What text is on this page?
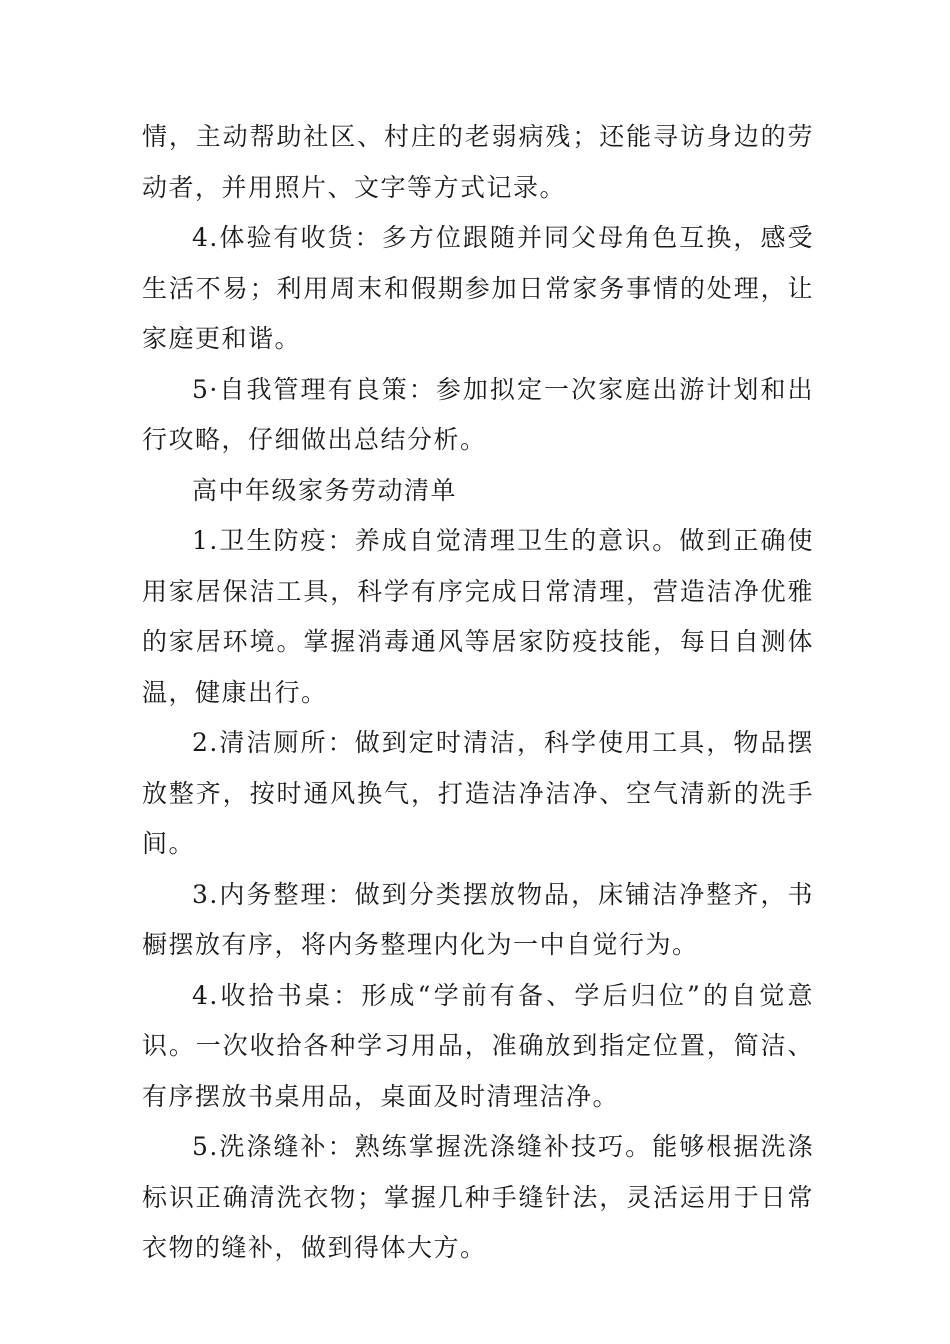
情，主动帮助社区、村庄的老弱病残；还能寻访身边的劳动者，并用照片、文字等方式记录。

4.体验有收货：多方位跟随并同父母角色互换，感受生活不易；利用周末和假期参加日常家务事情的处理，让家庭更和谐。

5·自我管理有良策：参加拟定一次家庭出游计划和出行攻略，仔细做出总结分析。

高中年级家务劳动清单

1.卫生防疫：养成自觉清理卫生的意识。做到正确使用家居保洁工具，科学有序完成日常清理，营造洁净优雅的家居环境。掌握消毒通风等居家防疫技能，每日自测体温，健康出行。

2.清洁厕所：做到定时清洁，科学使用工具，物品摆放整齐，按时通风换气，打造洁净洁净、空气清新的洗手间。

3.内务整理：做到分类摆放物品，床铺洁净整齐，书橱摆放有序，将内务整理内化为一中自觉行为。

4.收拾书桌：形成“学前有备、学后归位”的自觉意识。一次收拾各种学习用品，准确放到指定位置，简洁、有序摆放书桌用品，桌面及时清理洁净。

5.洗涤缝补：熟练掌握洗涤缝补技巧。能够根据洗涤标识正确清洗衣物；掌握几种手缝针法，灵活运用于日常衣物的缝补，做到得体大方。
